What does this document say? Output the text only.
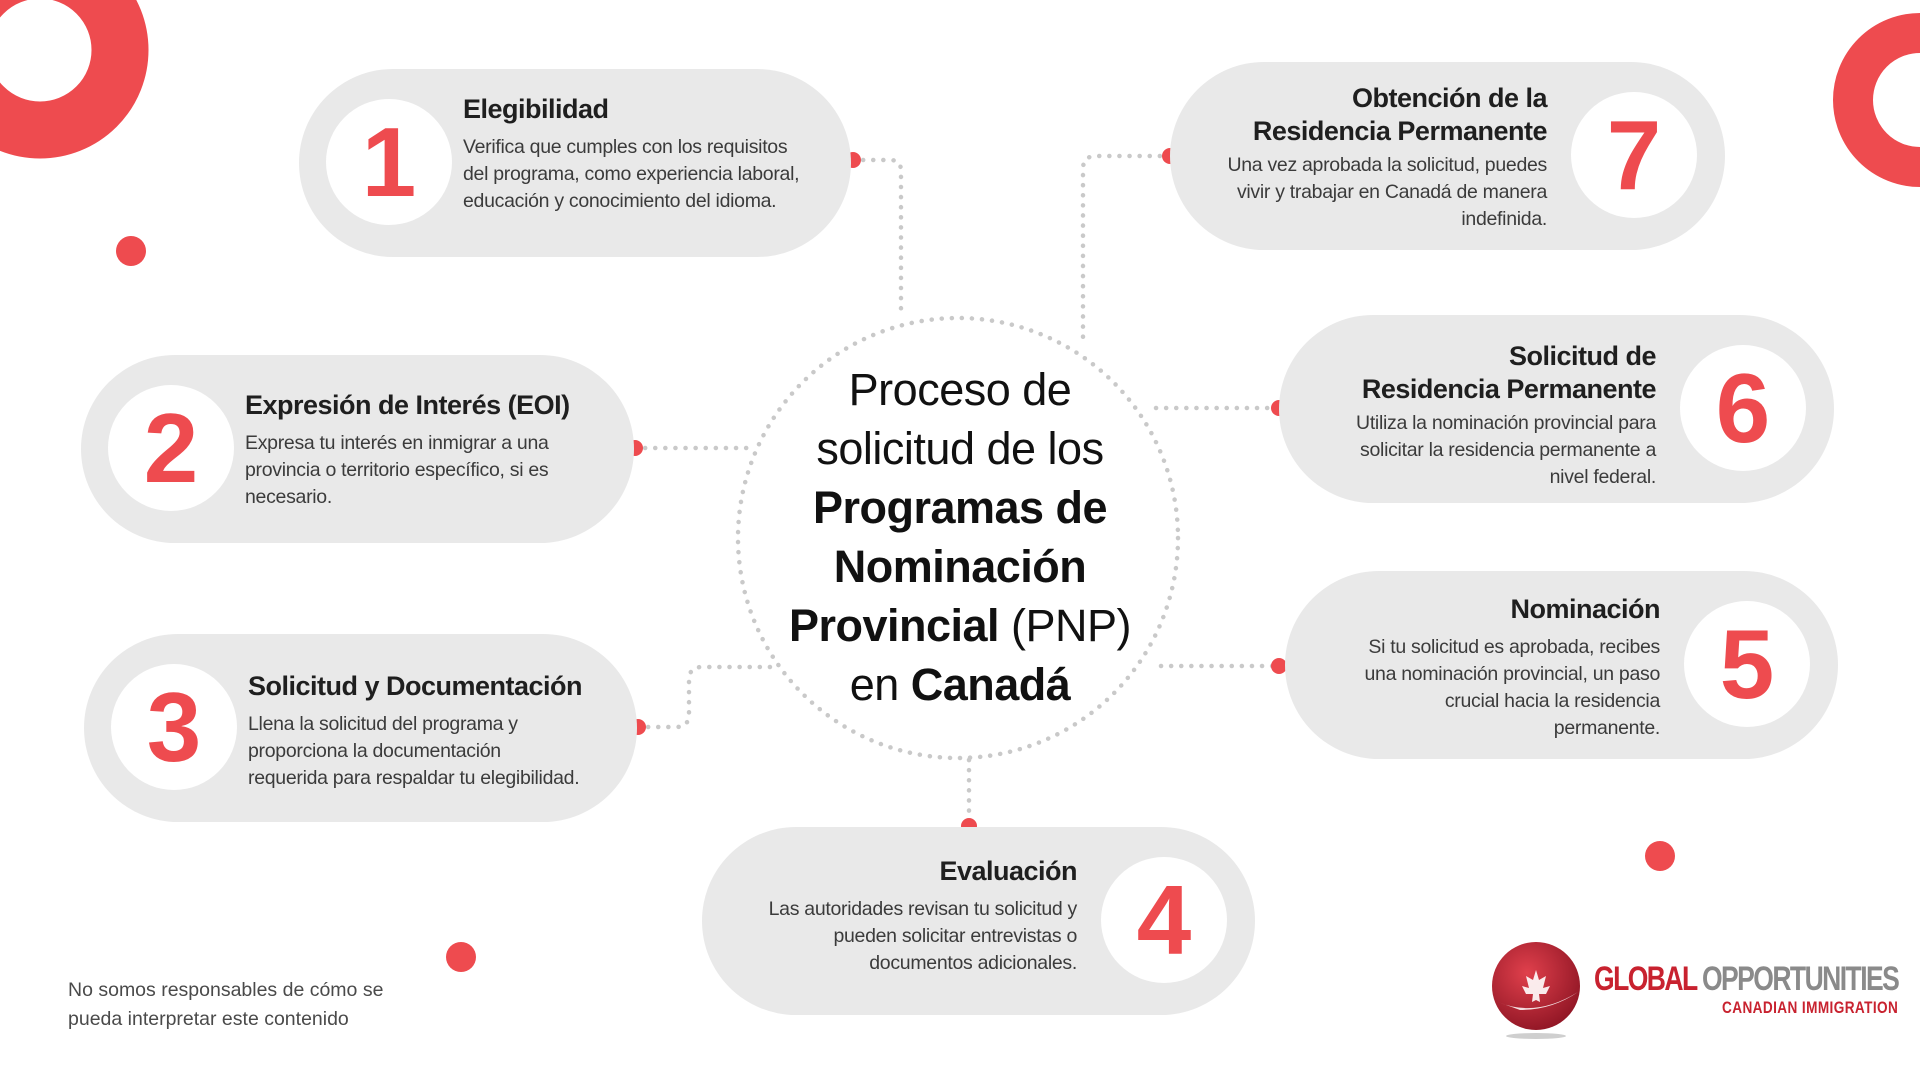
Proceso de
solicitud de los
Programas de
Nominación
Provincial (PNP)
en Canadá
1	Elegibilidad
Verifica que cumples con los requisitos
del programa, como experiencia laboral,
educación y conocimiento del idioma.
2	Expresión de Interés (EOI)
Expresa tu interés en inmigrar a una
provincia o territorio específico, si es
necesario.
3	Solicitud y Documentación
Llena la solicitud del programa y
proporciona la documentación
requerida para respaldar tu elegibilidad.
4
Evaluación
Las autoridades revisan tu solicitud y
pueden solicitar entrevistas o
documentos adicionales.
5
Nominación
Si tu solicitud es aprobada, recibes
una nominación provincial, un paso
crucial hacia la residencia
permanente.
6
Solicitud de
Residencia Permanente
Utiliza la nominación provincial para
solicitar la residencia permanente a
nivel federal.
7
Obtención de la
Residencia Permanente
Una vez aprobada la solicitud, puedes
vivir y trabajar en Canadá de manera
indefinida.
No somos responsables de cómo se
pueda interpretar este contenido
GLOBAL OPPORTUNITIES
CANADIAN IMMIGRATION
